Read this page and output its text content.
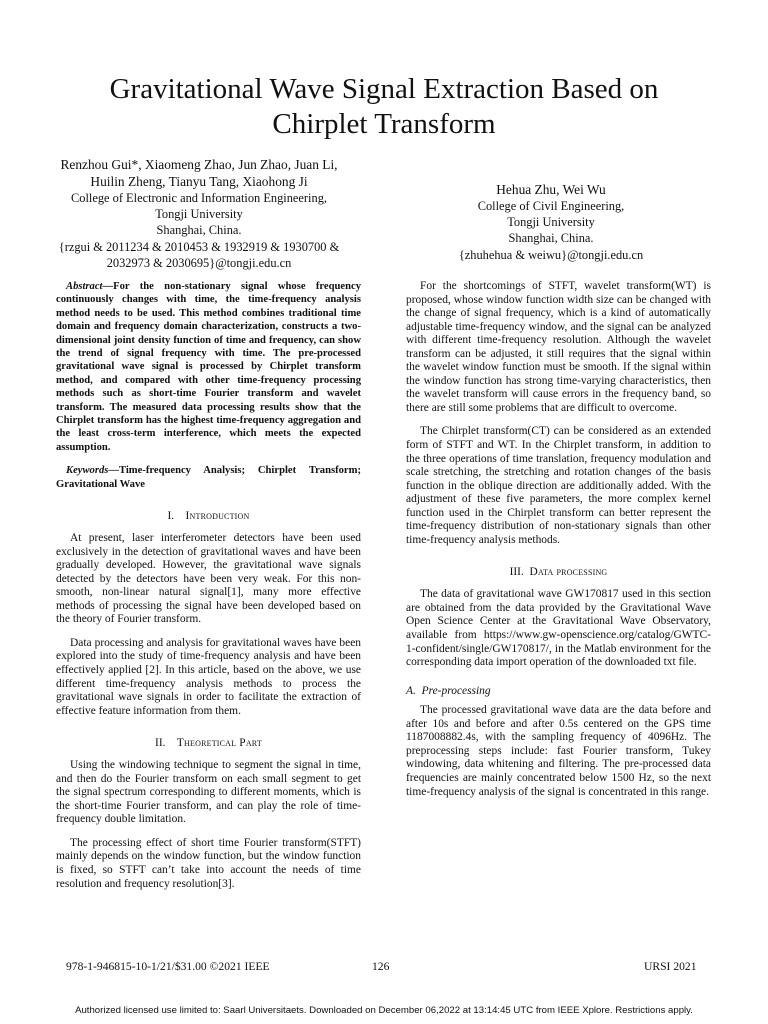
Gravitational Wave Signal Extraction Based on
Chirplet Transform
Renzhou Gui*, Xiaomeng Zhao, Jun Zhao, Juan Li,
Huilin Zheng, Tianyu Tang, Xiaohong Ji
College of Electronic and Information Engineering,
Tongji University
Shanghai, China.
{rzgui & 2011234 & 2010453 & 1932919 & 1930700 &
2032973 & 2030695}@tongji.edu.cn
Hehua Zhu, Wei Wu
College of Civil Engineering,
Tongji University
Shanghai, China.
{zhuhehua & weiwu}@tongji.edu.cn

Abstract—For the non-stationary signal whose frequency continuously changes with time, the time-frequency analysis method needs to be used. This method combines traditional time domain and frequency domain characterization, constructs a two-dimensional joint density function of time and frequency, can show the trend of signal frequency with time. The pre-processed gravitational wave signal is processed by Chirplet transform method, and compared with other time-frequency processing methods such as short-time Fourier transform and wavelet transform. The measured data processing results show that the Chirplet transform has the highest time-frequency aggregation and the least cross-term interference, which meets the expected assumption.

Keywords—Time-frequency Analysis; Chirplet Transform; Gravitational Wave

I. Introduction

At present, laser interferometer detectors have been used exclusively in the detection of gravitational waves and have been gradually developed. However, the gravitational wave signals detected by the detectors have been very weak. For this non-smooth, non-linear natural signal[1], many more effective methods of processing the signal have been developed based on the theory of Fourier transform.

Data processing and analysis for gravitational waves have been explored into the study of time-frequency analysis and have been effectively applied [2]. In this article, based on the above, we use different time-frequency analysis methods to process the gravitational wave signals in order to facilitate the extraction of effective feature information from them.

II. Theoretical Part

Using the windowing technique to segment the signal in time, and then do the Fourier transform on each small segment to get the signal spectrum corresponding to different moments, which is the short-time Fourier transform, and can play the role of time-frequency double limitation.

The processing effect of short time Fourier transform(STFT) mainly depends on the window function, but the window function is fixed, so STFT can’t take into account the needs of time resolution and frequency resolution[3].

For the shortcomings of STFT, wavelet transform(WT) is proposed, whose window function width size can be changed with the change of signal frequency, which is a kind of automatically adjustable time-frequency window, and the signal can be analyzed with different time-frequency resolution. Although the wavelet transform can be adjusted, it still requires that the signal within the wavelet window function must be smooth. If the signal within the window function has strong time-varying characteristics, then the wavelet transform will cause errors in the frequency band, so there are still some problems that are difficult to overcome.

The Chirplet transform(CT) can be considered as an extended form of STFT and WT. In the Chirplet transform, in addition to the three operations of time translation, frequency modulation and scale stretching, the stretching and rotation changes of the basis function in the oblique direction are additionally added. With the adjustment of these five parameters, the more complex kernel function used in the Chirplet transform can better represent the time-frequency distribution of non-stationary signals than other time-frequency analysis methods.

III. Data processing

The data of gravitational wave GW170817 used in this section are obtained from the data provided by the Gravitational Wave Open Science Center at the Gravitational Wave Observatory, available from https://www.gw-openscience.org/catalog/GWTC-1-confident/single/GW170817/, in the Matlab environment for the corresponding data import operation of the downloaded txt file.

A. Pre-processing

The processed gravitational wave data are the data before and after 10s and before and after 0.5s centered on the GPS time 1187008882.4s, with the sampling frequency of 4096Hz. The preprocessing steps include: fast Fourier transform, Tukey windowing, data whitening and filtering. The pre-processed data frequencies are mainly concentrated below 1500 Hz, so the next time-frequency analysis of the signal is concentrated in this range.

978-1-946815-10-1/21/$31.00 ©2021 IEEE	126	URSI 2021
Authorized licensed use limited to: Saarl Universitaets. Downloaded on December 06,2022 at 13:14:45 UTC from IEEE Xplore. Restrictions apply.
